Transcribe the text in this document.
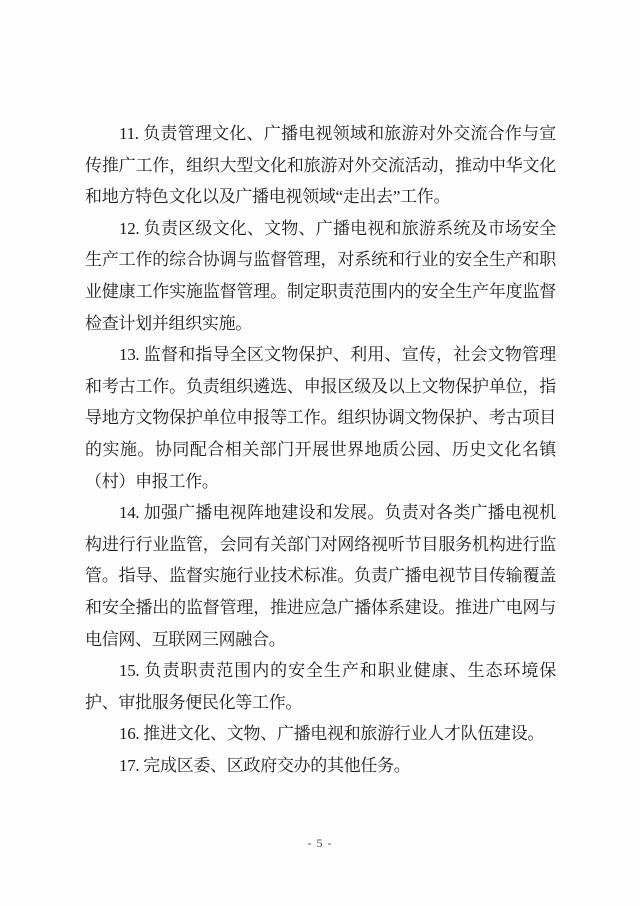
11. 负责管理文化、广播电视领域和旅游对外交流合作与宣传推广工作，组织大型文化和旅游对外交流活动，推动中华文化和地方特色文化以及广播电视领域“走出去”工作。

12. 负责区级文化、文物、广播电视和旅游系统及市场安全生产工作的综合协调与监督管理，对系统和行业的安全生产和职业健康工作实施监督管理。制定职责范围内的安全生产年度监督检查计划并组织实施。

13. 监督和指导全区文物保护、利用、宣传，社会文物管理和考古工作。负责组织遴选、申报区级及以上文物保护单位，指导地方文物保护单位申报等工作。组织协调文物保护、考古项目的实施。协同配合相关部门开展世界地质公园、历史文化名镇（村）申报工作。

14. 加强广播电视阵地建设和发展。负责对各类广播电视机构进行行业监管，会同有关部门对网络视听节目服务机构进行监管。指导、监督实施行业技术标准。负责广播电视节目传输覆盖和安全播出的监督管理，推进应急广播体系建设。推进广电网与电信网、互联网三网融合。

15. 负责职责范围内的安全生产和职业健康、生态环境保护、审批服务便民化等工作。

16. 推进文化、文物、广播电视和旅游行业人才队伍建设。

17. 完成区委、区政府交办的其他任务。

- 5 -
